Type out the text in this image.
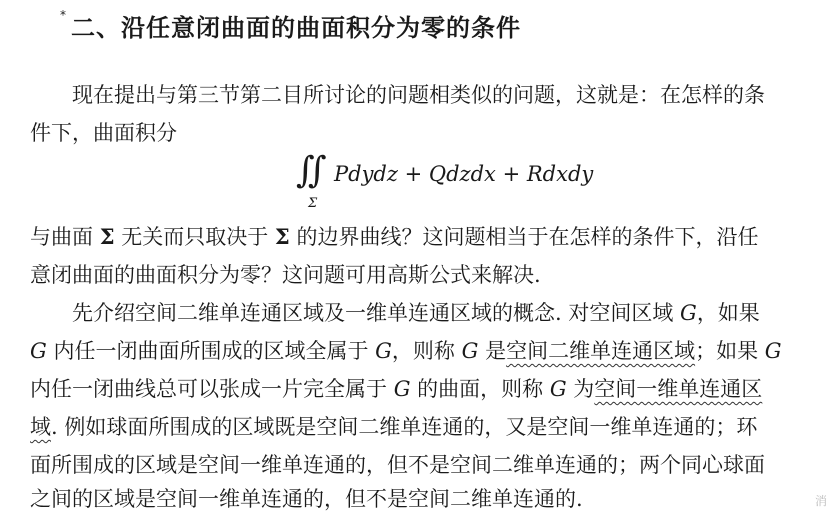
* 二、沿任意闭曲面的曲面积分为零的条件
现在提出与第三节第二目所讨论的问题相类似的问题，这就是：在怎样的条
件下，曲面积分
∬
Σ
Pdydz + Qdzdx + Rdxdy
与曲面 Σ 无关而只取决于 Σ 的边界曲线？这问题相当于在怎样的条件下，沿任
意闭曲面的曲面积分为零？这问题可用高斯公式来解决.
先介绍空间二维单连通区域及一维单连通区域的概念. 对空间区域 G，如果
G 内任一闭曲面所围成的区域全属于 G，则称 G 是空间二维单连通区域；如果 G
内任一闭曲线总可以张成一片完全属于 G 的曲面，则称 G 为空间一维单连通区
域. 例如球面所围成的区域既是空间二维单连通的，又是空间一维单连通的；环
面所围成的区域是空间一维单连通的，但不是空间二维单连通的；两个同心球面
之间的区域是空间一维单连通的，但不是空间二维单连通的.	消
